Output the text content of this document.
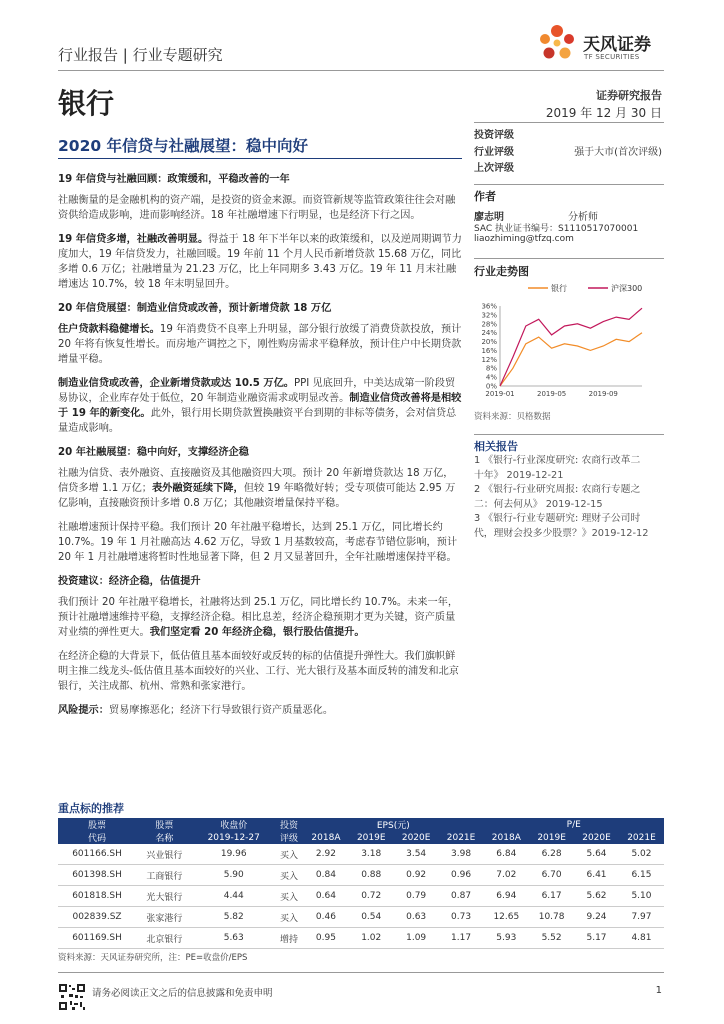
行业报告 | 行业专题研究	天风证券
TF SECURITIES
银行	证券研究报告
2019 年 12 月 30 日
2020 年信贷与社融展望：稳中向好

19 年信贷与社融回顾：政策缓和，平稳改善的一年

社融衡量的是金融机构的资产端，是投资的资金来源。而资管新规等监管政策往往会对融资供给造成影响，进而影响经济。18 年社融增速下行明显，也是经济下行之因。

19 年信贷多增，社融改善明显。得益于 18 年下半年以来的政策缓和，以及逆周期调节力度加大，19 年信贷发力，社融回暖。19 年前 11 个月人民币新增贷款 15.68 万亿，同比多增 0.6 万亿；社融增量为 21.23 万亿，比上年同期多 3.43 万亿。19 年 11 月末社融增速达 10.7%，较 18 年末明显回升。

20 年信贷展望：制造业信贷或改善，预计新增贷款 18 万亿

住户贷款料稳健增长。19 年消费贷不良率上升明显，部分银行放缓了消费贷款投放，预计 20 年将有恢复性增长。而房地产调控之下，刚性购房需求平稳释放，预计住户中长期贷款增量平稳。

制造业信贷或改善，企业新增贷款或达 10.5 万亿。PPI 见底回升，中美达成第一阶段贸易协议，企业库存处于低位，20 年制造业融资需求或明显改善。制造业信贷改善将是相较于 19 年的新变化。此外，银行用长期贷款置换融资平台到期的非标等债务，会对信贷总量造成影响。

20 年社融展望：稳中向好，支撑经济企稳

社融为信贷、表外融资、直接融资及其他融资四大项。预计 20 年新增贷款达 18 万亿，信贷多增 1.1 万亿；表外融资延续下降，但较 19 年略微好转；受专项债可能达 2.95 万亿影响，直接融资预计多增 0.8 万亿；其他融资增量保持平稳。

社融增速预计保持平稳。我们预计 20 年社融平稳增长，达到 25.1 万亿，同比增长约 10.7%。19 年 1 月社融高达 4.62 万亿，导致 1 月基数较高，考虑春节错位影响，预计 20 年 1 月社融增速将暂时性地显著下降，但 2 月又显著回升，全年社融增速保持平稳。

投资建议：经济企稳，估值提升

我们预计 20 年社融平稳增长，社融将达到 25.1 万亿，同比增长约 10.7%。未来一年，预计社融增速维持平稳，支撑经济企稳。相比息差，经济企稳预期才更为关键，资产质量对业绩的弹性更大。我们坚定看 20 年经济企稳，银行股估值提升。

在经济企稳的大背景下，低估值且基本面较好或反转的标的估值提升弹性大。我们旗帜鲜明主推二线龙头-低估值且基本面较好的兴业、工行、光大银行及基本面反转的浦发和北京银行，关注成都、杭州、常熟和张家港行。

风险提示：贸易摩擦恶化；经济下行导致银行资产质量恶化。

投资评级
行业评级	强于大市(首次评级)
上次评级
作者
廖志明	分析师
SAC 执业证书编号：S1110517070001
liaozhiming@tfzq.com
行业走势图
0%
4%
8%
12%
16%
20%
24%
28%
32%
36%
2019-01	2019-05	2019-09
银行	沪深300
资料来源：贝格数据
相关报告
1 《银行-行业深度研究: 农商行改革二
十年》 2019-12-21
2 《银行-行业研究周报: 农商行专题之
二：何去何从》 2019-12-15
3 《银行-行业专题研究: 理财子公司时
代，理财会投多少股票？》2019-12-12
重点标的推荐
股票	股票	收盘价	投资	EPS(元)				P/E			
代码	名称	2019-12-27	评级	2018A	2019E	2020E	2021E	2018A	2019E	2020E	2021E
601166.SH	兴业银行	19.96	买入	2.92	3.18	3.54	3.98	6.84	6.28	5.64	5.02
601398.SH	工商银行	5.90	买入	0.84	0.88	0.92	0.96	7.02	6.70	6.41	6.15
601818.SH	光大银行	4.44	买入	0.64	0.72	0.79	0.87	6.94	6.17	5.62	5.10
002839.SZ	张家港行	5.82	买入	0.46	0.54	0.63	0.73	12.65	10.78	9.24	7.97
601169.SH	北京银行	5.63	增持	0.95	1.02	1.09	1.17	5.93	5.52	5.17	4.81
资料来源：天风证券研究所，注：PE=收盘价/EPS
请务必阅读正文之后的信息披露和免责申明	1
